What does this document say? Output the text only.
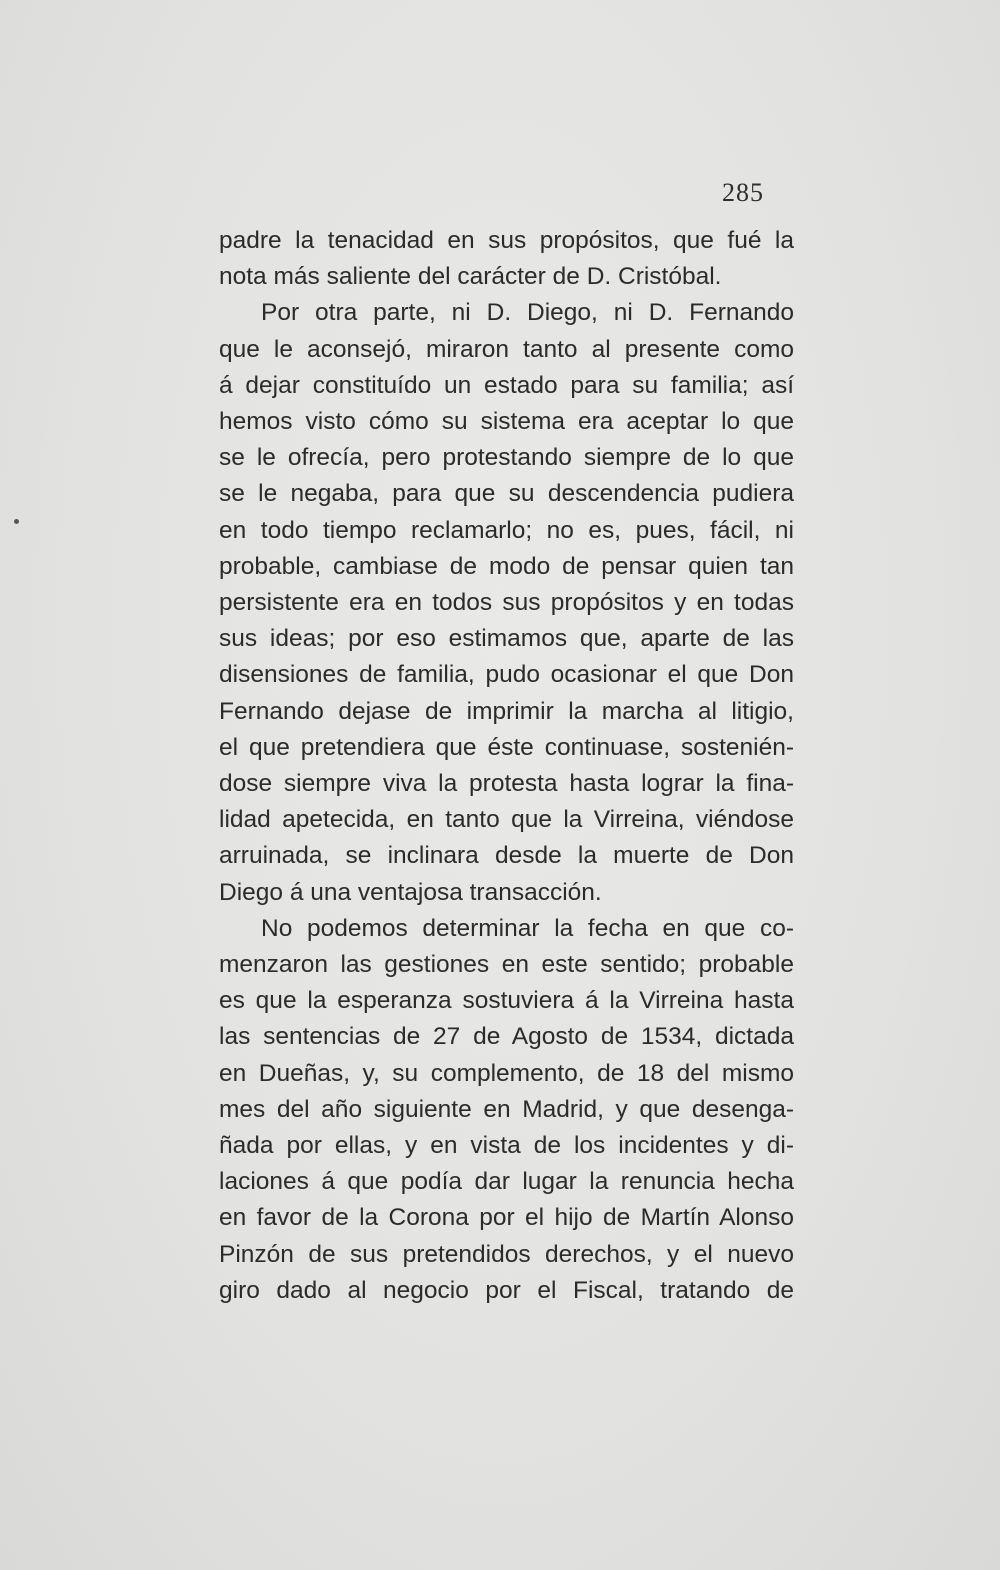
285
padre la tenacidad en sus propósitos, que fué la
nota más saliente del carácter de D. Cristóbal.
Por otra parte, ni D. Diego, ni D. Fernando
que le aconsejó, miraron tanto al presente como
á dejar constituído un estado para su familia; así
hemos visto cómo su sistema era aceptar lo que
se le ofrecía, pero protestando siempre de lo que
se le negaba, para que su descendencia pudiera
en todo tiempo reclamarlo; no es, pues, fácil, ni
probable, cambiase de modo de pensar quien tan
persistente era en todos sus propósitos y en todas
sus ideas; por eso estimamos que, aparte de las
disensiones de familia, pudo ocasionar el que Don
Fernando dejase de imprimir la marcha al litigio,
el que pretendiera que éste continuase, sostenién-
dose siempre viva la protesta hasta lograr la fina-
lidad apetecida, en tanto que la Virreina, viéndose
arruinada, se inclinara desde la muerte de Don
Diego á una ventajosa transacción.
No podemos determinar la fecha en que co-
menzaron las gestiones en este sentido; probable
es que la esperanza sostuviera á la Virreina hasta
las sentencias de 27 de Agosto de 1534, dictada
en Dueñas, y, su complemento, de 18 del mismo
mes del año siguiente en Madrid, y que desenga-
ñada por ellas, y en vista de los incidentes y di-
laciones á que podía dar lugar la renuncia hecha
en favor de la Corona por el hijo de Martín Alonso
Pinzón de sus pretendidos derechos, y el nuevo
giro dado al negocio por el Fiscal, tratando de
